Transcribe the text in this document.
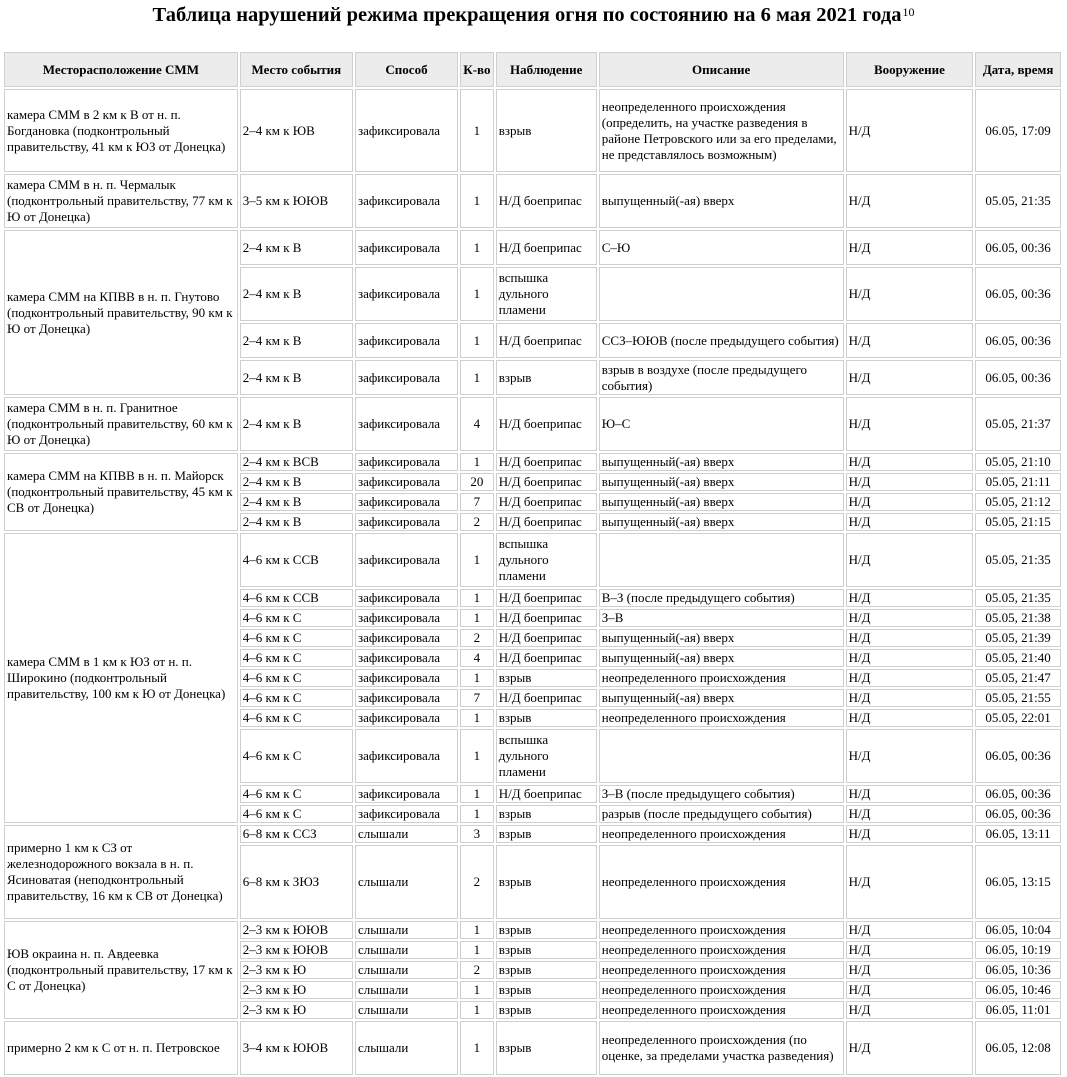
Таблица нарушений режима прекращения огня по состоянию на 6 мая 2021 года$^{10}$
Месторасположение СММ	Место события	Способ	К-во	Наблюдение	Описание	Вооружение	Дата, время
камера СММ в 2 км к В от н. п. Богдановка (подконтрольный правительству, 41 км к ЮЗ от Донецка)	2–4 км к ЮВ	зафиксировала	1	взрыв	неопределенного происхождения (определить, на участке разведения в районе Петровского или за его пределами, не представлялось возможным)	Н/Д	06.05, 17:09
камера СММ в н. п. Чермалык (подконтрольный правительству, 77 км к Ю от Донецка)	3–5 км к ЮЮВ	зафиксировала	1	Н/Д боеприпас	выпущенный(-ая) вверх	Н/Д	05.05, 21:35
камера СММ на КПВВ в н. п. Гнутово (подконтрольный правительству, 90 км к Ю от Донецка)	2–4 км к В	зафиксировала	1	Н/Д боеприпас	С–Ю	Н/Д	06.05, 00:36
	2–4 км к В	зафиксировала	1	вспышка дульного пламени		Н/Д	06.05, 00:36
	2–4 км к В	зафиксировала	1	Н/Д боеприпас	ССЗ–ЮЮВ (после предыдущего события)	Н/Д	06.05, 00:36
	2–4 км к В	зафиксировала	1	взрыв	взрыв в воздухе (после предыдущего события)	Н/Д	06.05, 00:36
камера СММ в н. п. Гранитное (подконтрольный правительству, 60 км к Ю от Донецка)	2–4 км к В	зафиксировала	4	Н/Д боеприпас	Ю–С	Н/Д	05.05, 21:37
камера СММ на КПВВ в н. п. Майорск (подконтрольный правительству, 45 км к СВ от Донецка)	2–4 км к ВСВ	зафиксировала	1	Н/Д боеприпас	выпущенный(-ая) вверх	Н/Д	05.05, 21:10
	2–4 км к В	зафиксировала	20	Н/Д боеприпас	выпущенный(-ая) вверх	Н/Д	05.05, 21:11
	2–4 км к В	зафиксировала	7	Н/Д боеприпас	выпущенный(-ая) вверх	Н/Д	05.05, 21:12
	2–4 км к В	зафиксировала	2	Н/Д боеприпас	выпущенный(-ая) вверх	Н/Д	05.05, 21:15
камера СММ в 1 км к ЮЗ от н. п. Широкино (подконтрольный правительству, 100 км к Ю от Донецка)	4–6 км к ССВ	зафиксировала	1	вспышка дульного пламени		Н/Д	05.05, 21:35
	4–6 км к ССВ	зафиксировала	1	Н/Д боеприпас	В–З (после предыдущего события)	Н/Д	05.05, 21:35
	4–6 км к С	зафиксировала	1	Н/Д боеприпас	З–В	Н/Д	05.05, 21:38
	4–6 км к С	зафиксировала	2	Н/Д боеприпас	выпущенный(-ая) вверх	Н/Д	05.05, 21:39
	4–6 км к С	зафиксировала	4	Н/Д боеприпас	выпущенный(-ая) вверх	Н/Д	05.05, 21:40
	4–6 км к С	зафиксировала	1	взрыв	неопределенного происхождения	Н/Д	05.05, 21:47
	4–6 км к С	зафиксировала	7	Н/Д боеприпас	выпущенный(-ая) вверх	Н/Д	05.05, 21:55
	4–6 км к С	зафиксировала	1	взрыв	неопределенного происхождения	Н/Д	05.05, 22:01
	4–6 км к С	зафиксировала	1	вспышка дульного пламени		Н/Д	06.05, 00:36
	4–6 км к С	зафиксировала	1	Н/Д боеприпас	З–В (после предыдущего события)	Н/Д	06.05, 00:36
	4–6 км к С	зафиксировала	1	взрыв	разрыв (после предыдущего события)	Н/Д	06.05, 00:36
примерно 1 км к СЗ от железнодорожного вокзала в н. п. Ясиноватая (неподконтрольный правительству, 16 км к СВ от Донецка)	6–8 км к ССЗ	слышали	3	взрыв	неопределенного происхождения	Н/Д	06.05, 13:11
	6–8 км к ЗЮЗ	слышали	2	взрыв	неопределенного происхождения	Н/Д	06.05, 13:15
ЮВ окраина н. п. Авдеевка (подконтрольный правительству, 17 км к С от Донецка)	2–3 км к ЮЮВ	слышали	1	взрыв	неопределенного происхождения	Н/Д	06.05, 10:04
	2–3 км к ЮЮВ	слышали	1	взрыв	неопределенного происхождения	Н/Д	06.05, 10:19
	2–3 км к Ю	слышали	2	взрыв	неопределенного происхождения	Н/Д	06.05, 10:36
	2–3 км к Ю	слышали	1	взрыв	неопределенного происхождения	Н/Д	06.05, 10:46
	2–3 км к Ю	слышали	1	взрыв	неопределенного происхождения	Н/Д	06.05, 11:01
примерно 2 км к С от н. п. Петровское	3–4 км к ЮЮВ	слышали	1	взрыв	неопределенного происхождения (по оценке, за пределами участка разведения)	Н/Д	06.05, 12:08
